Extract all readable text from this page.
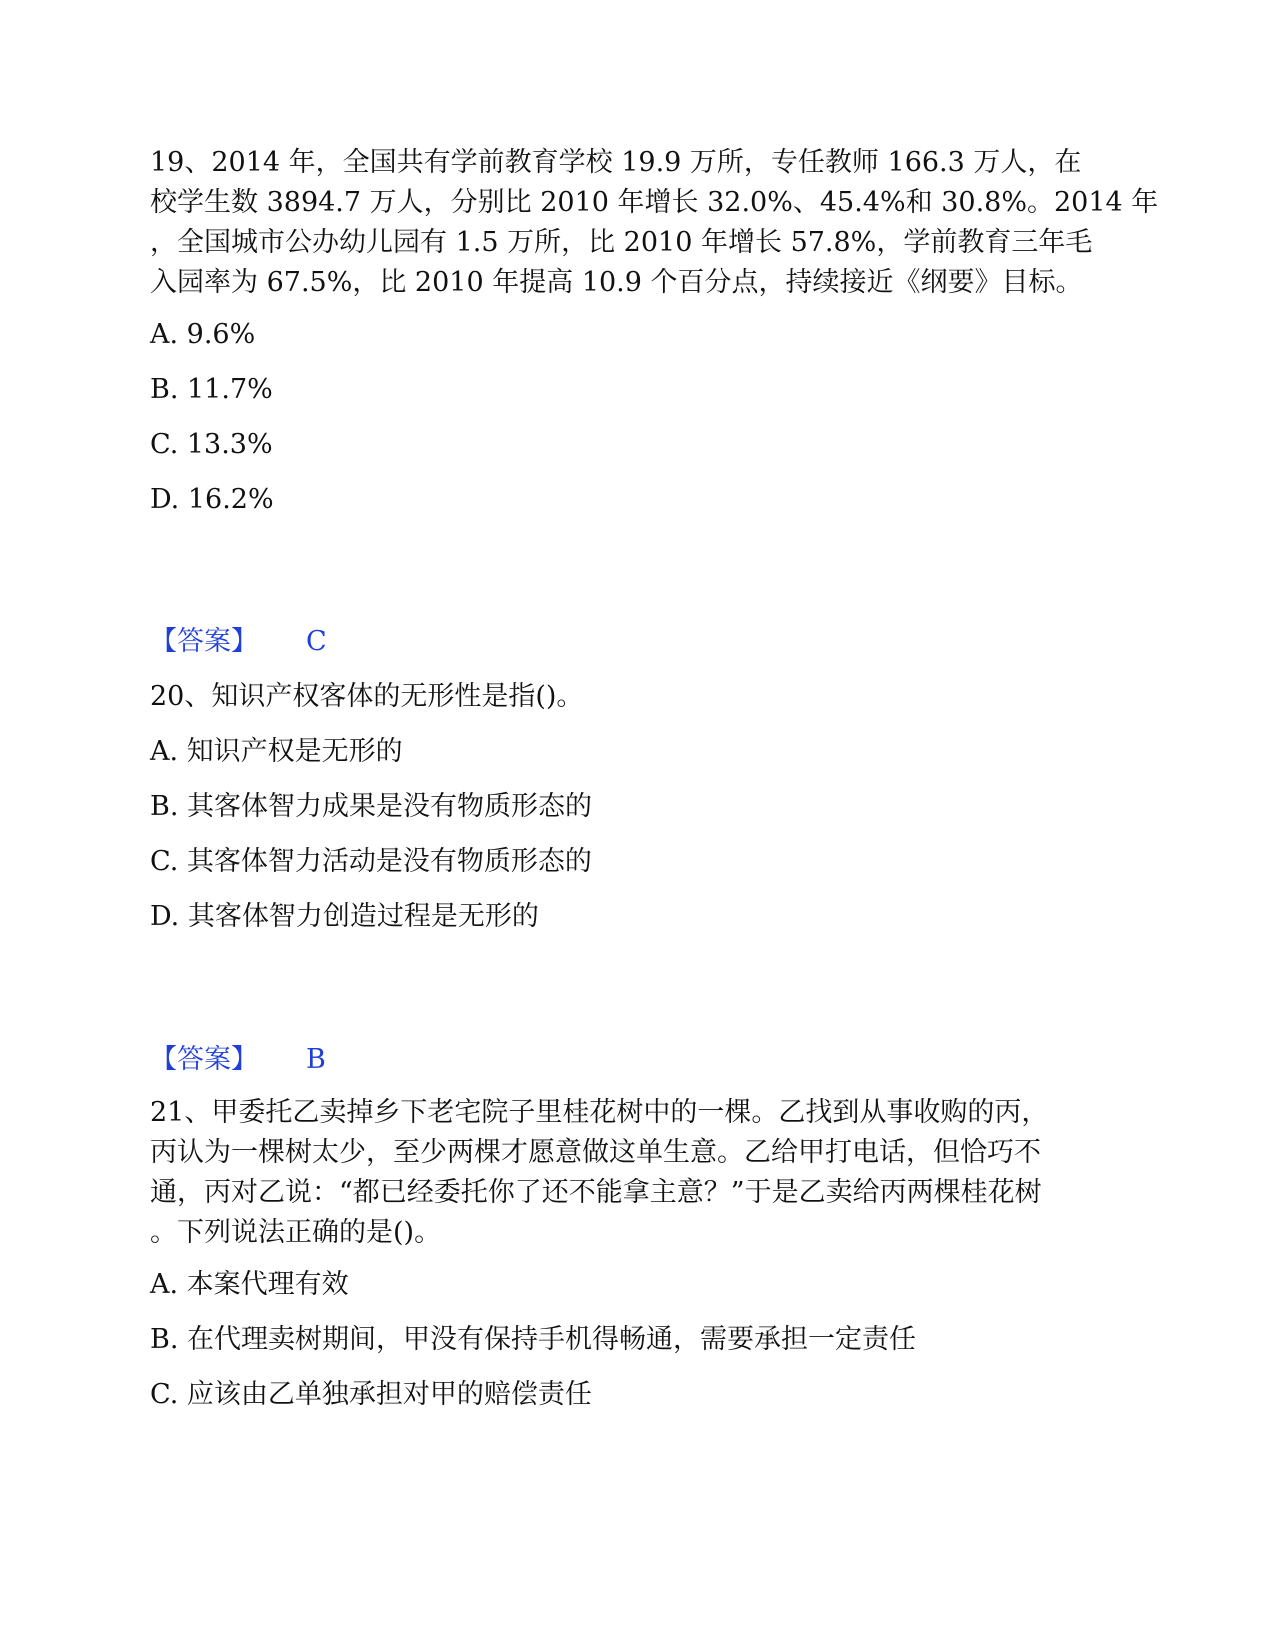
19、2014 年，全国共有学前教育学校 19.9 万所，专任教师 166.3 万人，在
校学生数 3894.7 万人，分别比 2010 年增长 32.0%、45.4%和 30.8%。2014 年
，全国城市公办幼儿园有 1.5 万所，比 2010 年增长 57.8%，学前教育三年毛
入园率为 67.5%，比 2010 年提高 10.9 个百分点，持续接近《纲要》目标。
A. 9.6%
B. 11.7%
C. 13.3%
D. 16.2%
【答案】 C
20、知识产权客体的无形性是指()。
A. 知识产权是无形的
B. 其客体智力成果是没有物质形态的
C. 其客体智力活动是没有物质形态的
D. 其客体智力创造过程是无形的
【答案】 B
21、甲委托乙卖掉乡下老宅院子里桂花树中的一棵。乙找到从事收购的丙，
丙认为一棵树太少，至少两棵才愿意做这单生意。乙给甲打电话，但恰巧不
通，丙对乙说：“都已经委托你了还不能拿主意？”于是乙卖给丙两棵桂花树
。下列说法正确的是()。
A. 本案代理有效
B. 在代理卖树期间，甲没有保持手机得畅通，需要承担一定责任
C. 应该由乙单独承担对甲的赔偿责任
